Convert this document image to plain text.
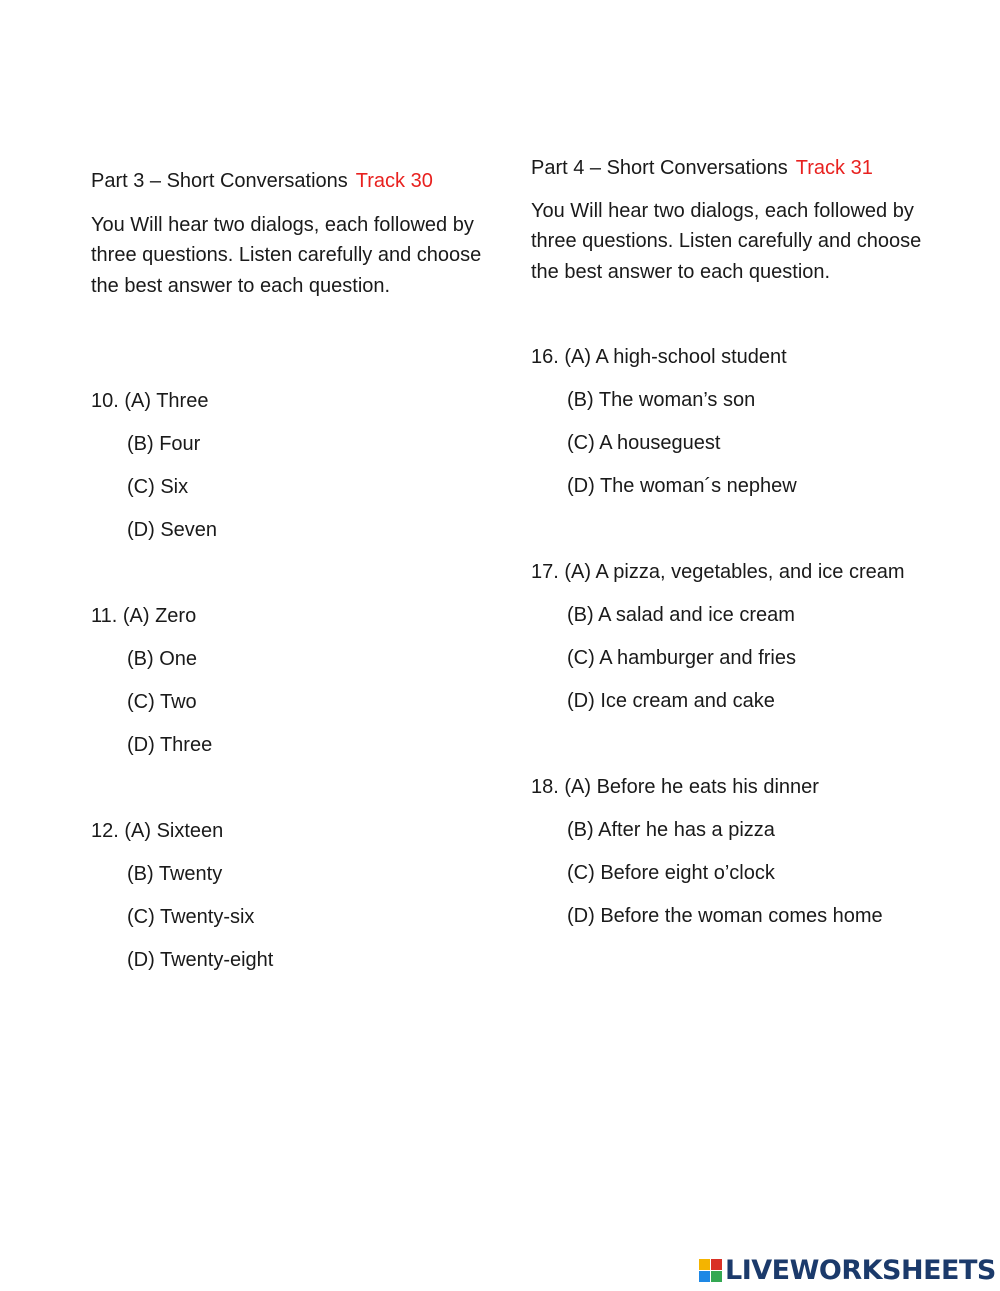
Part 3 – Short Conversations Track 30

You Will hear two dialogs, each followed by three questions. Listen carefully and choose the best answer to each question.

10. (A) Three
(B) Four
(C) Six
(D) Seven
11. (A) Zero
(B) One
(C) Two
(D) Three
12. (A) Sixteen
(B) Twenty
(C) Twenty-six
(D) Twenty-eight

Part 4 – Short Conversations Track 31

You Will hear two dialogs, each followed by three questions. Listen carefully and choose the best answer to each question.

16. (A) A high-school student
(B) The woman’s son
(C) A houseguest
(D) The woman´s nephew
17. (A) A pizza, vegetables, and ice cream
(B) A salad and ice cream
(C) A hamburger and fries
(D) Ice cream and cake
18. (A) Before he eats his dinner
(B) After he has a pizza
(C) Before eight o’clock
(D) Before the woman comes home
LIVEWORKSHEETS
